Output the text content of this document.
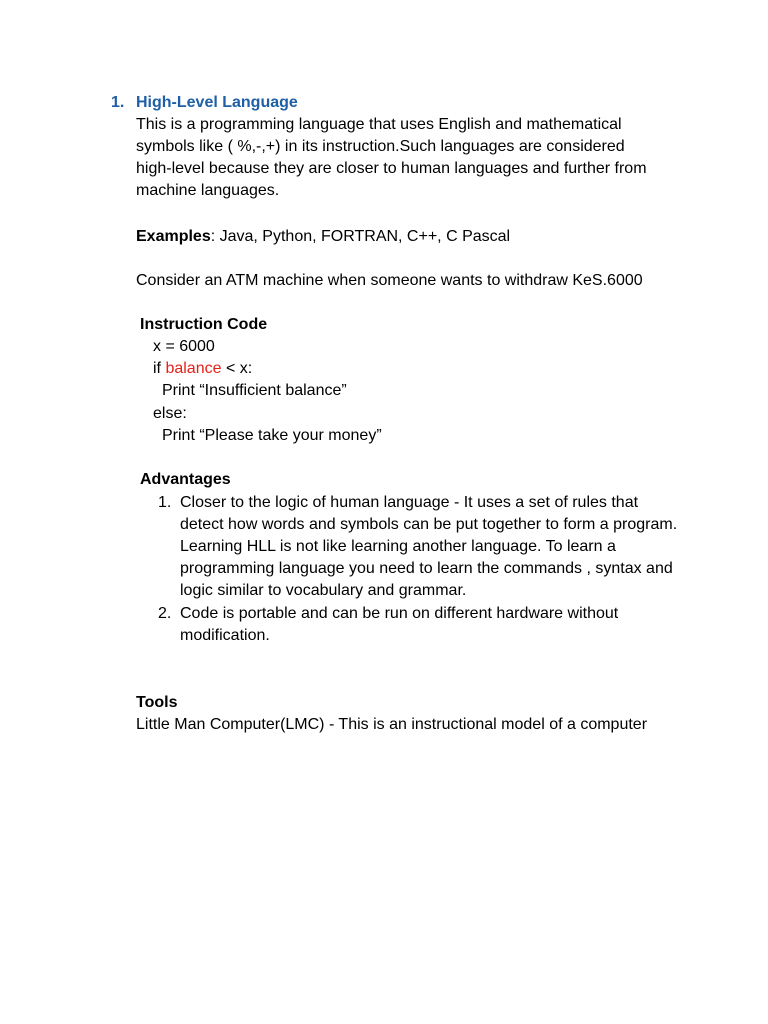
1. High-Level Language
This is a programming language that uses English and mathematical
symbols like ( %,-,+) in its instruction.Such languages are considered
high-level because they are closer to human languages and further from
machine languages.
Examples: Java, Python, FORTRAN, C++, C Pascal
Consider an ATM machine when someone wants to withdraw KeS.6000
Instruction Code
x = 6000
if balance < x:
Print “Insufficient balance”
else:
Print “Please take your money”
Advantages
1. Closer to the logic of human language - It uses a set of rules that
detect how words and symbols can be put together to form a program.
Learning HLL is not like learning another language. To learn a
programming language you need to learn the commands , syntax and
logic similar to vocabulary and grammar.
2. Code is portable and can be run on different hardware without
modification.
Tools
Little Man Computer(LMC) - This is an instructional model of a computer
